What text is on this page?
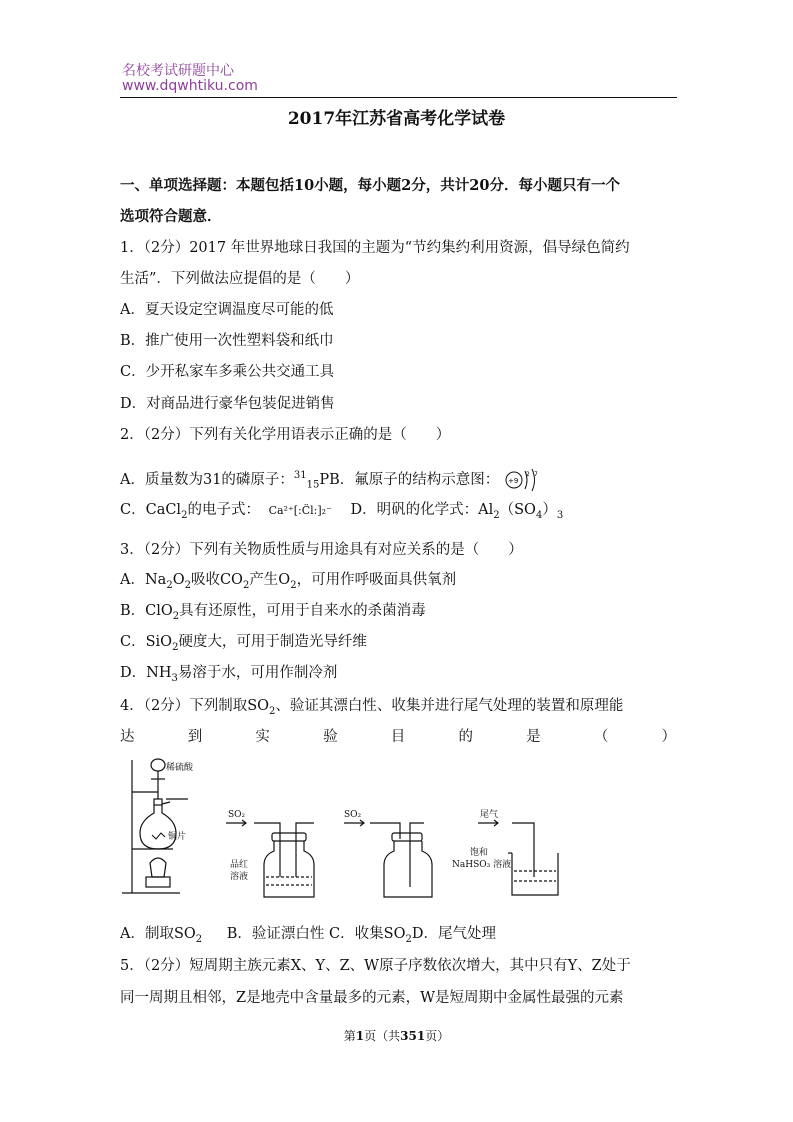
名校考试研题中心
www.dqwhtiku.com
2017年江苏省高考化学试卷
一、单项选择题：本题包括10小题，每小题2分，共计20分．每小题只有一个
选项符合题意．
1．（2分）2017 年世界地球日我国的主题为“节约集约利用资源，倡导绿色简约
生活”．下列做法应提倡的是（　　）
A．夏天设定空调温度尽可能的低
B．推广使用一次性塑料袋和纸巾
C．少开私家车多乘公共交通工具
D．对商品进行豪华包装促进销售
2．（2分）下列有关化学用语表示正确的是（　　）
A．质量数为31的磷原子：$^{31}_{15}$PB．氟原子的结构示意图： +9
2 7
C．CaCl$_2$的电子式： Ca²⁺[:C̈l:]₂⁻ D．明矾的化学式：$Al_2(SO_4)_3$
3．（2分）下列有关物质性质与用途具有对应关系的是（　　）
A．$Na_2O_2$吸收$CO_2$产生$O_2$，可用作呼吸面具供氧剂
B．ClO$_2$具有还原性，可用于自来水的杀菌消毒
C．SiO$_2$硬度大，可用于制造光导纤维
D．$NH_3$易溶于水，可用作制冷剂
4．（2分）下列制取$SO_2$、验证其漂白性、收集并进行尾气处理的装置和原理能
达	到	实	验	目	的	是	（	）
稀硫酸
铜片
SO₂
品红
溶液
SO₂	尾气
饱和
NaHSO₃ 溶液
A．制取$SO_2$ B．验证漂白性 C．收集$SO_2D$．尾气处理
5．（2分）短周期主族元素X、Y、Z、W原子序数依次增大，其中只有Y、Z处于
同一周期且相邻，Z是地壳中含量最多的元素，W是短周期中金属性最强的元素
第1页（共351页）
